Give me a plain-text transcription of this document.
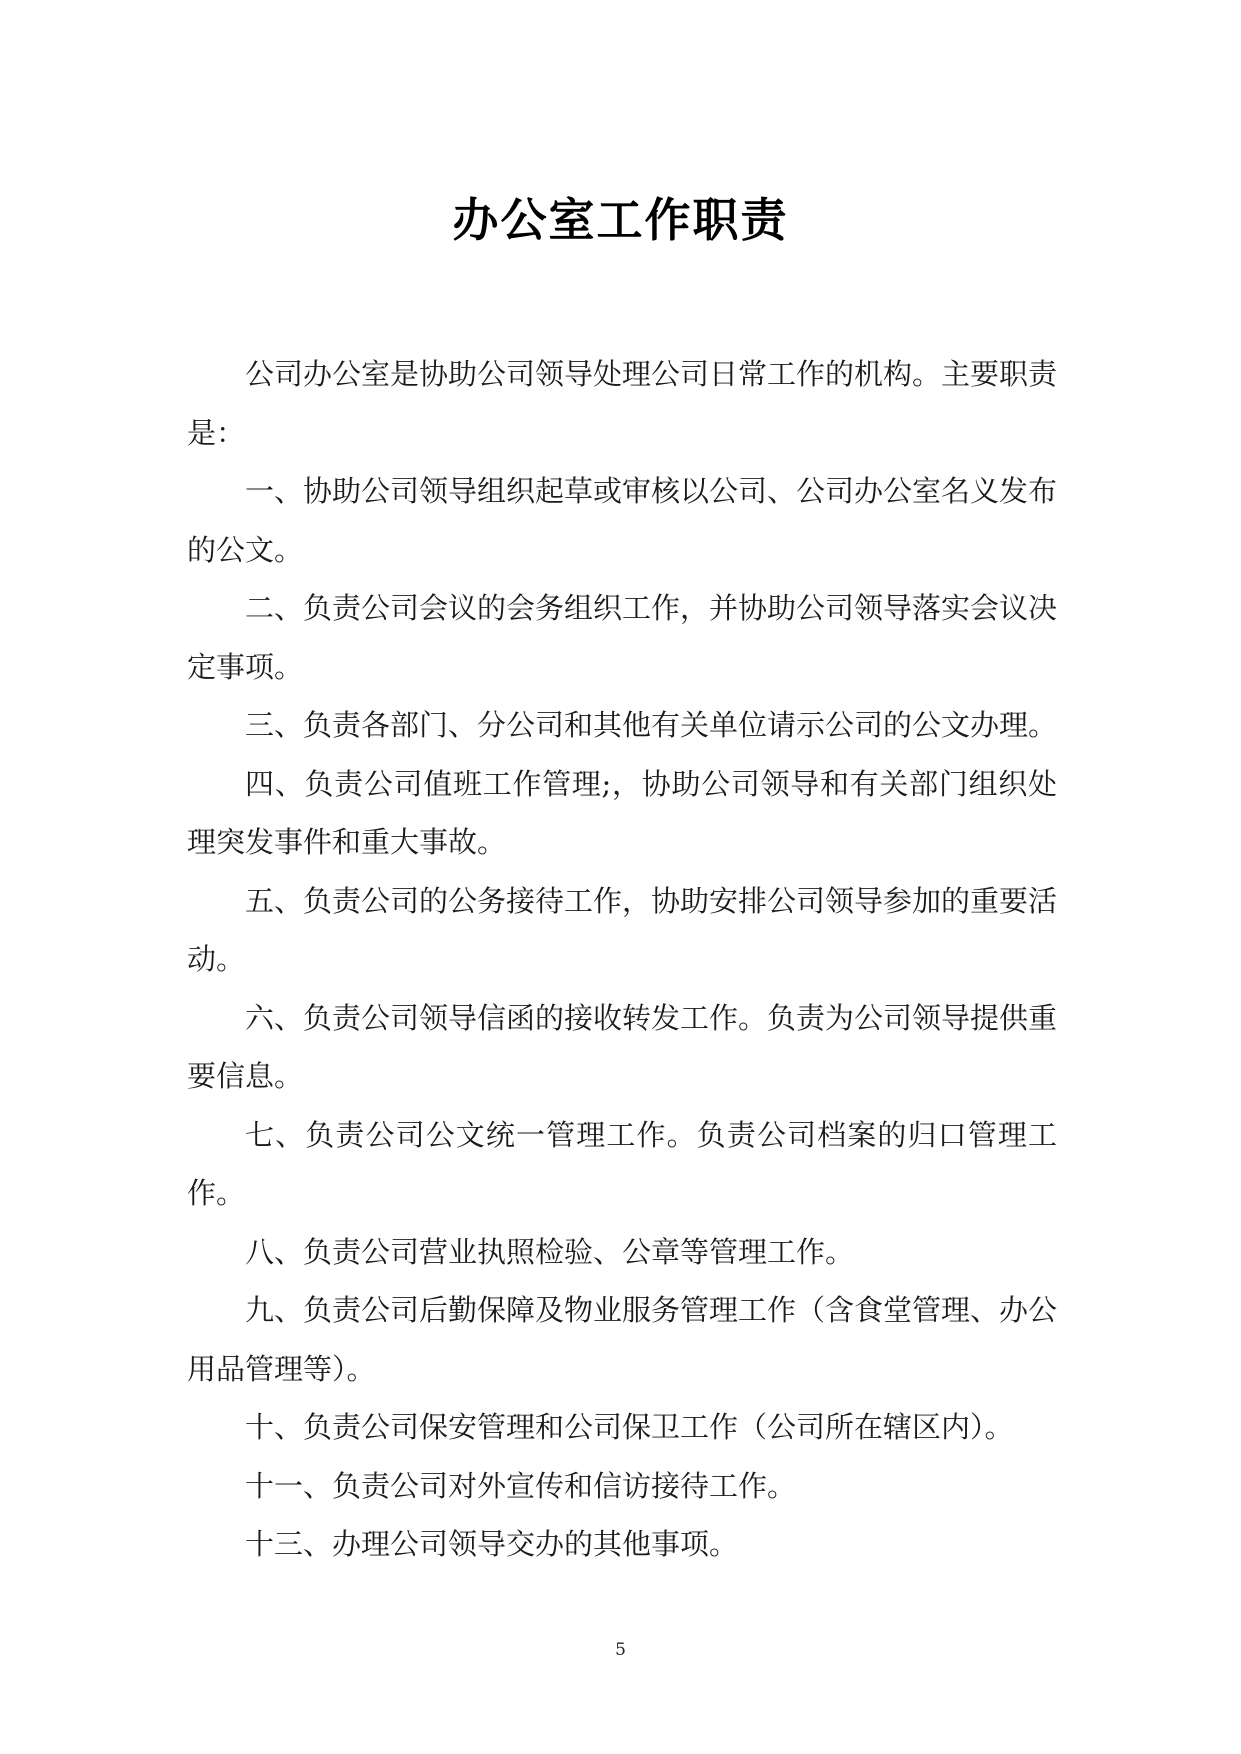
办公室工作职责

公司办公室是协助公司领导处理公司日常工作的机构。主要职责是：

一、协助公司领导组织起草或审核以公司、公司办公室名义发布的公文。

二、负责公司会议的会务组织工作，并协助公司领导落实会议决定事项。

三、负责各部门、分公司和其他有关单位请示公司的公文办理。

四、负责公司值班工作管理;，协助公司领导和有关部门组织处理突发事件和重大事故。

五、负责公司的公务接待工作，协助安排公司领导参加的重要活动。

六、负责公司领导信函的接收转发工作。负责为公司领导提供重要信息。

七、负责公司公文统一管理工作。负责公司档案的归口管理工作。

八、负责公司营业执照检验、公章等管理工作。

九、负责公司后勤保障及物业服务管理工作（含食堂管理、办公用品管理等）。

十、负责公司保安管理和公司保卫工作（公司所在辖区内）。

十一、负责公司对外宣传和信访接待工作。

十三、办理公司领导交办的其他事项。

5
